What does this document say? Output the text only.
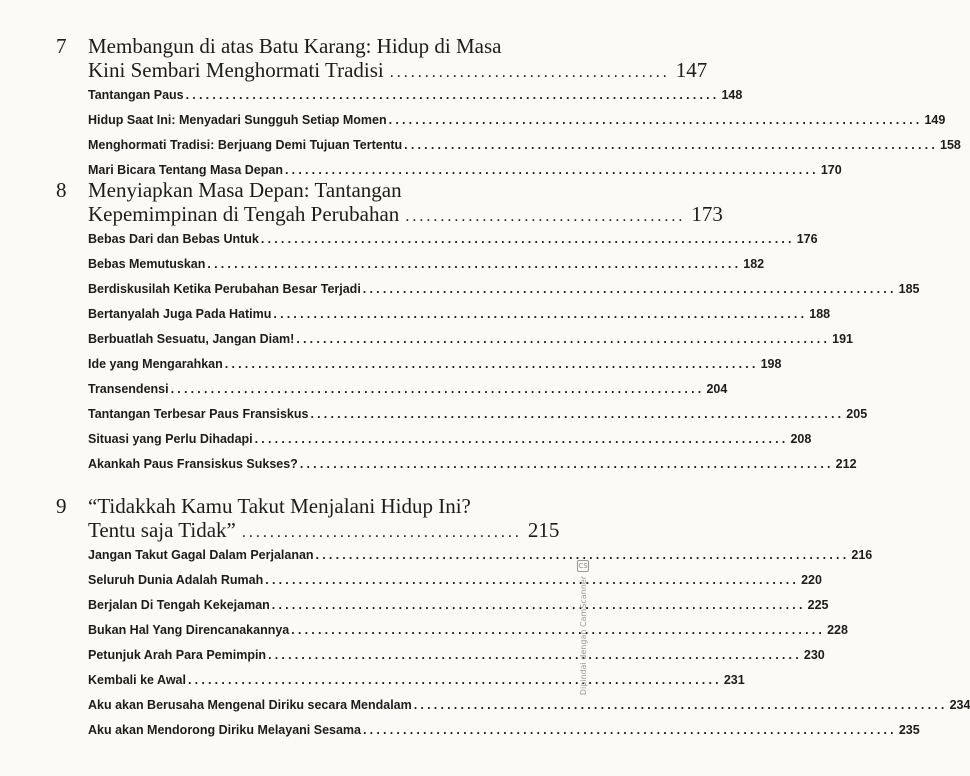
7 Membangun di atas Batu Karang: Hidup di Masa
Kini Sembari Menghormati Tradisi ........................................ 147
Tantangan Paus ................................................................................ 148
Hidup Saat Ini: Menyadari Sungguh Setiap Momen ................................................................................ 149
Menghormati Tradisi: Berjuang Demi Tujuan Tertentu ................................................................................ 158
Mari Bicara Tentang Masa Depan ................................................................................ 170
8 Menyiapkan Masa Depan: Tantangan
Kepemimpinan di Tengah Perubahan ........................................ 173
Bebas Dari dan Bebas Untuk ................................................................................ 176
Bebas Memutuskan ................................................................................ 182
Berdiskusilah Ketika Perubahan Besar Terjadi ................................................................................ 185
Bertanyalah Juga Pada Hatimu ................................................................................ 188
Berbuatlah Sesuatu, Jangan Diam! ................................................................................ 191
Ide yang Mengarahkan ................................................................................ 198
Transendensi ................................................................................ 204
Tantangan Terbesar Paus Fransiskus ................................................................................ 205
Situasi yang Perlu Dihadapi ................................................................................ 208
Akankah Paus Fransiskus Sukses? ................................................................................ 212
9 “Tidakkah Kamu Takut Menjalani Hidup Ini?
Tentu saja Tidak” ........................................ 215
Jangan Takut Gagal Dalam Perjalanan ................................................................................ 216
Seluruh Dunia Adalah Rumah ................................................................................ 220
Berjalan Di Tengah Kekejaman ................................................................................ 225
Bukan Hal Yang Direncanakannya ................................................................................ 228
Petunjuk Arah Para Pemimpin ................................................................................ 230
Kembali ke Awal ................................................................................ 231
Aku akan Berusaha Mengenal Diriku secara Mendalam ................................................................................ 234
Aku akan Mendorong Diriku Melayani Sesama ................................................................................ 235
CS
Dipindai dengan CamScanner
